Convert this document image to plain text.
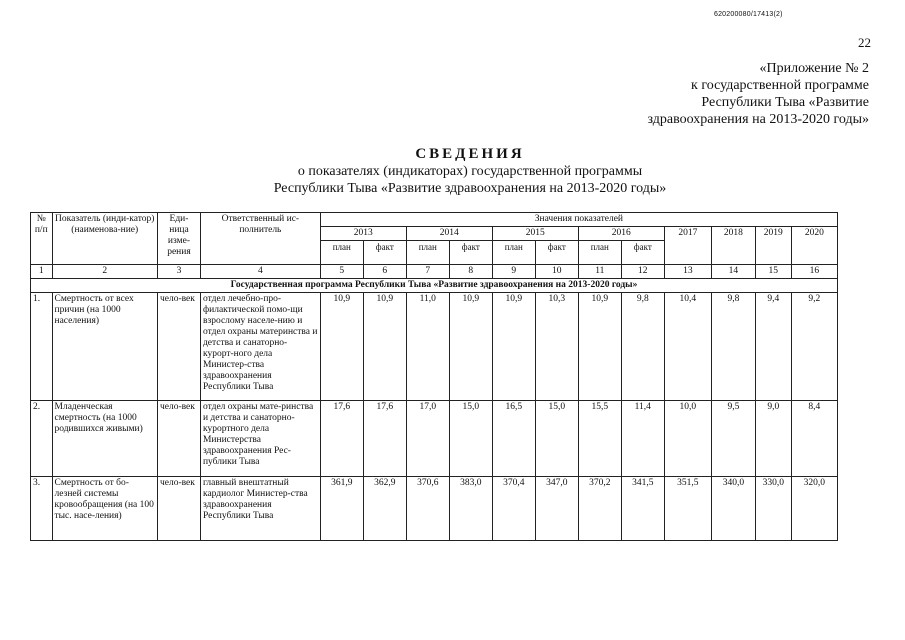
620200080/17413(2)
22
«Приложение № 2
к государственной программе
Республики Тыва «Развитие
здравоохранения на 2013-2020 годы»
СВЕДЕНИЯ
о показателях (индикаторах) государственной программы
Республики Тыва «Развитие здравоохранения на 2013-2020 годы»
№ п/п	Показатель (инди-катор) (наименова-ние)	Еди-ница изме-рения	Ответственный ис-полнитель	Значения показателей											
				2013		2014		2015		2016		2017	2018	2019	2020
				план	факт	план	факт	план	факт	план	факт				
1	2	3	4	5	6	7	8	9	10	11	12	13	14	15	16
Государственная программа Республики Тыва «Развитие здравоохранения на 2013-2020 годы»															
1.	Смертность от всех причин (на 1000 населения)	чело-век	отдел лечебно-про-филактической помо-щи взрослому населе-нию и отдел охраны материнства и детства и санаторно-курорт-ного дела Министер-ства здравоохранения Республики Тыва	10,9	10,9	11,0	10,9	10,9	10,3	10,9	9,8	10,4	9,8	9,4	9,2
2.	Младенческая смертность (на 1000 родившихся живыми)	чело-век	отдел охраны мате-ринства и детства и санаторно-курортного дела Министерства здравоохранения Рес-публики Тыва	17,6	17,6	17,0	15,0	16,5	15,0	15,5	11,4	10,0	9,5	9,0	8,4
3.	Смертность от бо-лезней системы кровообращения (на 100 тыс. насе-ления)	чело-век	главный внештатный кардиолог Министер-ства здравоохранения Республики Тыва	361,9	362,9	370,6	383,0	370,4	347,0	370,2	341,5	351,5	340,0	330,0	320,0
